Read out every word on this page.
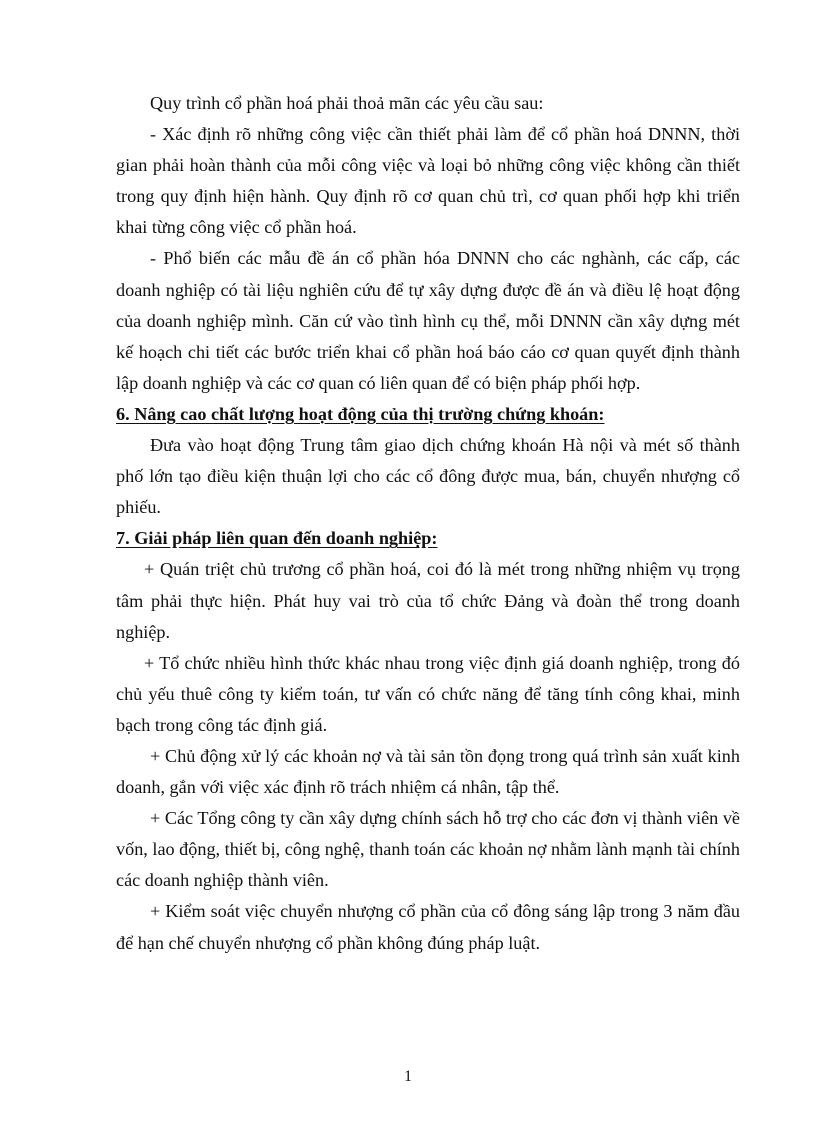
Quy trình cổ phần hoá phải thoả mãn các yêu cầu sau:

- Xác định rõ những công việc cần thiết phải làm để cổ phần hoá DNNN, thời gian phải hoàn thành của mỗi công việc và loại bỏ những công việc không cần thiết trong quy định hiện hành. Quy định rõ cơ quan chủ trì, cơ quan phối hợp khi triển khai từng công việc cổ phần hoá.

- Phổ biến các mẫu đề án cổ phần hóa DNNN cho các nghành, các cấp, các doanh nghiệp có tài liệu nghiên cứu để tự xây dựng được đề án và điều lệ hoạt động của doanh nghiệp mình. Căn cứ vào tình hình cụ thể, mỗi DNNN cần xây dựng mét kế hoạch chi tiết các bước triển khai cổ phần hoá báo cáo cơ quan quyết định thành lập doanh nghiệp và các cơ quan có liên quan để có biện pháp phối hợp.

6. Nâng cao chất lượng hoạt động của thị trường chứng khoán:

Đưa vào hoạt động Trung tâm giao dịch chứng khoán Hà nội và mét số thành phố lớn tạo điều kiện thuận lợi cho các cổ đông được mua, bán, chuyển nhượng cổ phiếu.

7. Giải pháp liên quan đến doanh nghiệp:

+ Quán triệt chủ trương cổ phần hoá, coi đó là mét trong những nhiệm vụ trọng tâm phải thực hiện. Phát huy vai trò của tổ chức Đảng và đoàn thể trong doanh nghiệp.

+ Tổ chức nhiều hình thức khác nhau trong việc định giá doanh nghiệp, trong đó chủ yếu thuê công ty kiểm toán, tư vấn có chức năng để tăng tính công khai, minh bạch trong công tác định giá.

+ Chủ động xử lý các khoản nợ và tài sản tồn đọng trong quá trình sản xuất kinh doanh, gắn với việc xác định rõ trách nhiệm cá nhân, tập thể.

+ Các Tổng công ty cần xây dựng chính sách hỗ trợ cho các đơn vị thành viên về vốn, lao động, thiết bị, công nghệ, thanh toán các khoản nợ nhằm lành mạnh tài chính các doanh nghiệp thành viên.

+ Kiểm soát việc chuyển nhượng cổ phần của cổ đông sáng lập trong 3 năm đầu để hạn chế chuyển nhượng cổ phần không đúng pháp luật.

1
